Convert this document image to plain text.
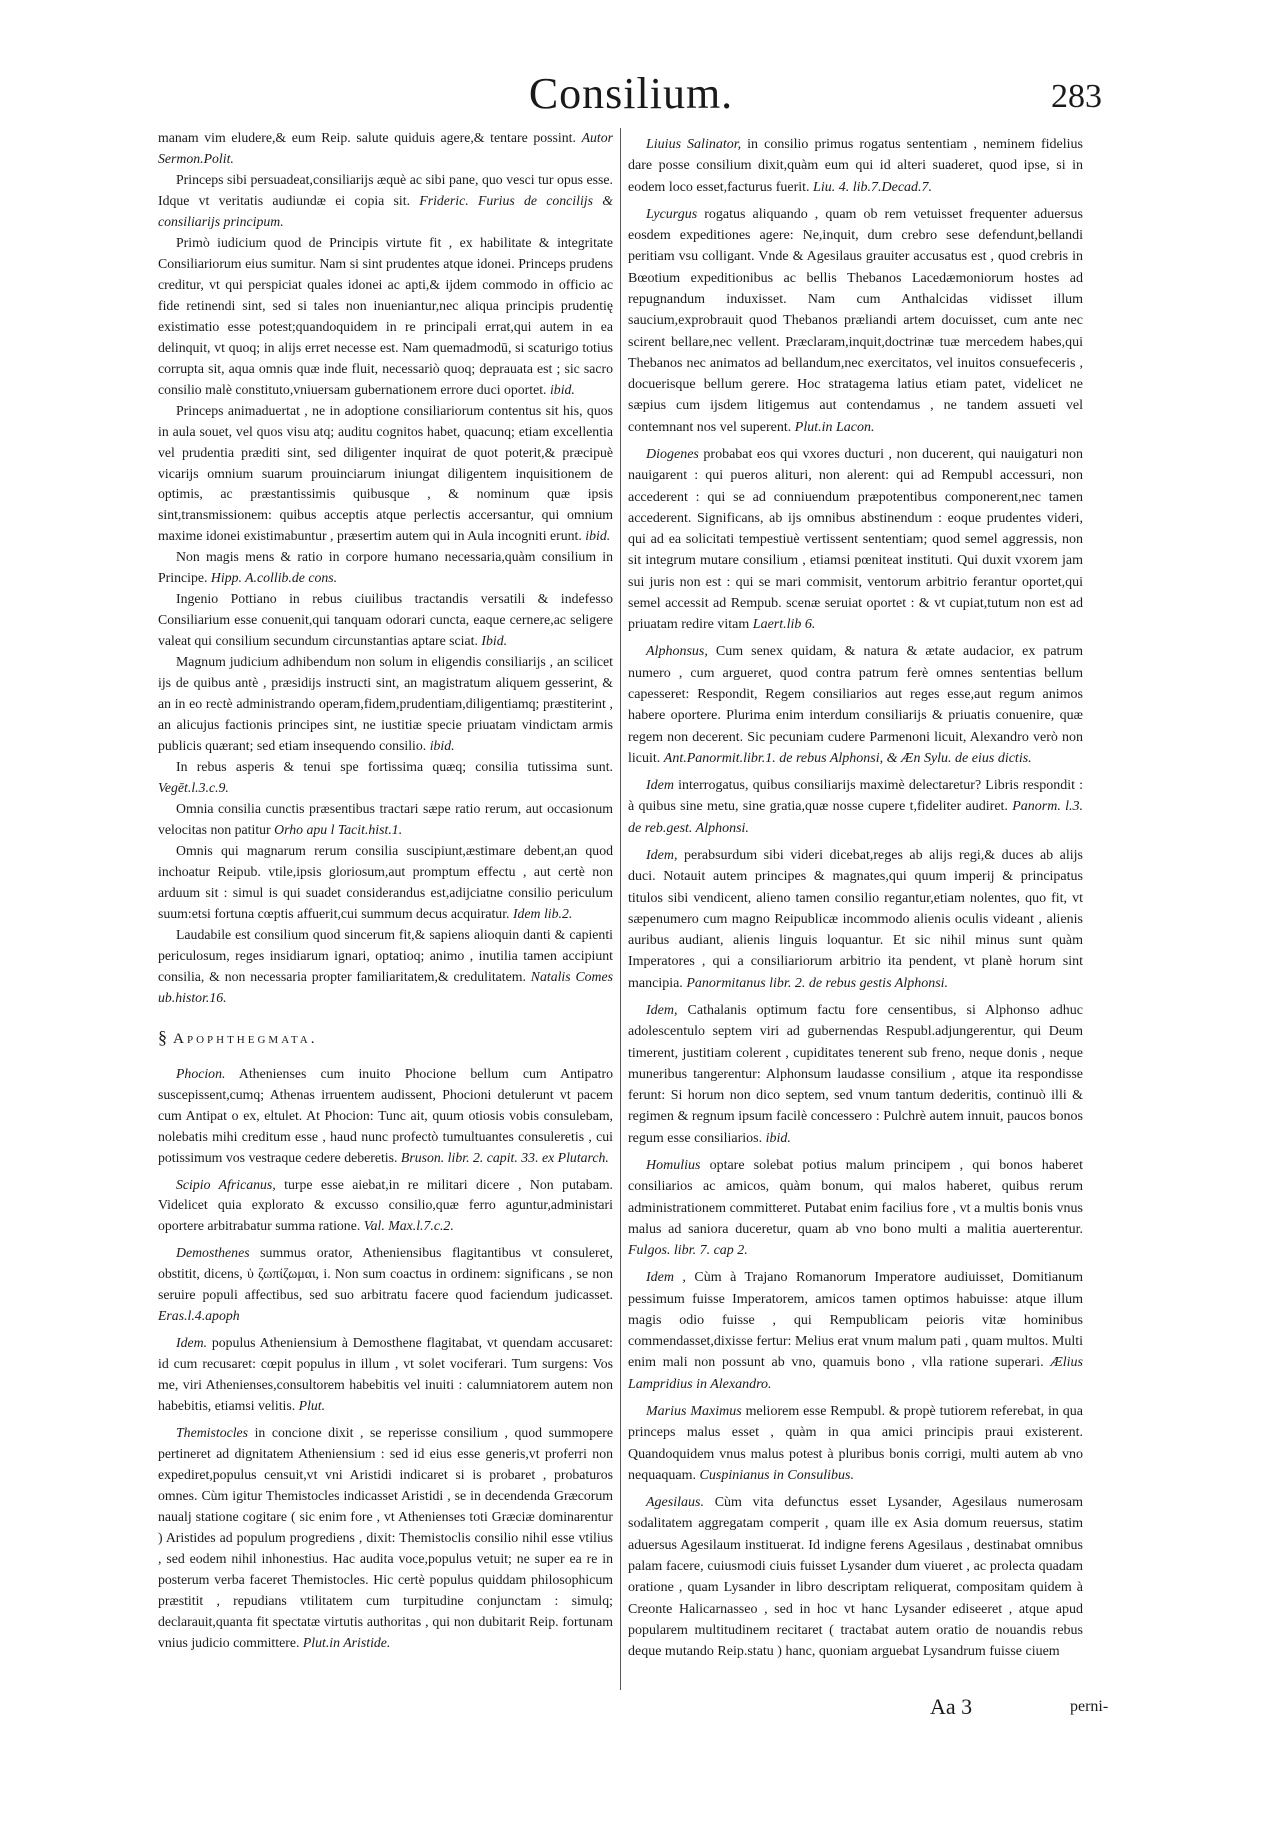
Consilium.	283

manam vim eludere,& eum Reip. salute quiduis agere,& tentare possint. Autor Sermon.Polit.

Princeps sibi persuadeat,consiliarijs æquè ac sibi pane, quo vesci tur opus esse. Idque vt veritatis audiundæ ei copia sit. Frideric. Furius de concilijs & consiliarijs principum.

Primò iudicium quod de Principis virtute fit , ex habilitate & integritate Consiliariorum eius sumitur. Nam si sint prudentes atque idonei. Princeps prudens creditur, vt qui perspiciat quales idonei ac apti,& ijdem commodo in officio ac fide retinendi sint, sed si tales non inueniantur,nec aliqua principis prudentię existimatio esse potest;quandoquidem in re principali errat,qui autem in ea delinquit, vt quoq; in alijs erret necesse est. Nam quemadmodū, si scaturigo totius corrupta sit, aqua omnis quæ inde fluit, necessariò quoq; deprauata est ; sic sacro consilio malè constituto,vniuersam gubernationem errore duci oportet. ibid.

Princeps animaduertat , ne in adoptione consiliariorum contentus sit his, quos in aula souet, vel quos visu atq; auditu cognitos habet, quacunq; etiam excellentia vel prudentia præditi sint, sed diligenter inquirat de quot poterit,& præcipuè vicarijs omnium suarum prouinciarum iniungat diligentem inquisitionem de optimis, ac præstantissimis quibusque , & nominum quæ ipsis sint,transmissionem: quibus acceptis atque perlectis accersantur, qui omnium maxime idonei existimabuntur , præsertim autem qui in Aula incogniti erunt. ibid.

Non magis mens & ratio in corpore humano necessaria,quàm consilium in Principe. Hipp. A.collib.de cons.

Ingenio Pottiano in rebus ciuilibus tractandis versatili & indefesso Consiliarium esse conuenit,qui tanquam odorari cuncta, eaque cernere,ac seligere valeat qui consilium secundum circunstantias aptare sciat. Ibid.

Magnum judicium adhibendum non solum in eligendis consiliarijs , an scilicet ijs de quibus antè , præsidijs instructi sint, an magistratum aliquem gesserint, & an in eo rectè administrando operam,fidem,prudentiam,diligentiamq; præstiterint , an alicujus factionis principes sint, ne iustitiæ specie priuatam vindictam armis publicis quærant; sed etiam insequendo consilio. ibid.

In rebus asperis & tenui spe fortissima quæq; consilia tutissima sunt. Vegēt.l.3.c.9.

Omnia consilia cunctis præsentibus tractari sæpe ratio rerum, aut occasionum velocitas non patitur Orho apu l Tacit.hist.1.

Omnis qui magnarum rerum consilia suscipiunt,æstimare debent,an quod inchoatur Reipub. vtile,ipsis gloriosum,aut promptum effectu , aut certè non arduum sit : simul is qui suadet considerandus est,adijciatne consilio periculum suum:etsi fortuna cœptis affuerit,cui summum decus acquiratur. Idem lib.2.

Laudabile est consilium quod sincerum fit,& sapiens alioquin danti & capienti periculosum, reges insidiarum ignari, optatioq; animo , inutilia tamen accipiunt consilia, & non necessaria propter familiaritatem,& credulitatem. Natalis Comes ub.histor.16.

§ Apophthegmata.

Phocion. Athenienses cum inuito Phocione bellum cum Antipatro suscepissent,cumq; Athenas irruentem audissent, Phocioni detulerunt vt pacem cum Antipat o ex, eltulet. At Phocion: Tunc ait, quum otiosis vobis consulebam, nolebatis mihi creditum esse , haud nunc profectò tumultuantes consuleretis , cui potissimum vos vestraque cedere deberetis. Bruson. libr. 2. capit. 33. ex Plutarch.

Scipio Africanus, turpe esse aiebat,in re militari dicere , Non putabam. Videlicet quia explorato & excusso consilio,quæ ferro aguntur,administari oportere arbitrabatur summa ratione. Val. Max.l.7.c.2.

Demosthenes summus orator, Atheniensibus flagitantibus vt consuleret, obstitit, dicens, ὑ ζωπίζωμαι, i. Non sum coactus in ordinem: significans , se non seruire populi affectibus, sed suo arbitratu facere quod faciendum judicasset. Eras.l.4.apoph

Idem. populus Atheniensium à Demosthene flagitabat, vt quendam accusaret: id cum recusaret: cœpit populus in illum , vt solet vociferari. Tum surgens: Vos me, viri Athenienses,consultorem habebitis vel inuiti : calumniatorem autem non habebitis, etiamsi velitis. Plut.

Themistocles in concione dixit , se reperisse consilium , quod summopere pertineret ad dignitatem Atheniensium : sed id eius esse generis,vt proferri non expediret,populus censuit,vt vni Aristidi indicaret si is probaret , probaturos omnes. Cùm igitur Themistocles indicasset Aristidi , se in decendenda Græcorum naualj statione cogitare ( sic enim fore , vt Athenienses toti Græciæ dominarentur ) Aristides ad populum progrediens , dixit: Themistoclis consilio nihil esse vtilius , sed eodem nihil inhonestius. Hac audita voce,populus vetuit; ne super ea re in posterum verba faceret Themistocles. Hic certè populus quiddam philosophicum præstitit , repudians vtilitatem cum turpitudine conjunctam : simulq; declarauit,quanta fit spectatæ virtutis authoritas , qui non dubitarit Reip. fortunam vnius judicio committere. Plut.in Aristide.

Liuius Salinator, in consilio primus rogatus sententiam , neminem fidelius dare posse consilium dixit,quàm eum qui id alteri suaderet, quod ipse, si in eodem loco esset,facturus fuerit. Liu. 4. lib.7.Decad.7.

Lycurgus rogatus aliquando , quam ob rem vetuisset frequenter aduersus eosdem expeditiones agere: Ne,inquit, dum crebro sese defendunt,bellandi peritiam vsu colligant. Vnde & Agesilaus grauiter accusatus est , quod crebris in Bœotium expeditionibus ac bellis Thebanos Lacedæmoniorum hostes ad repugnandum induxisset. Nam cum Anthalcidas vidisset illum saucium,exprobrauit quod Thebanos præliandi artem docuisset, cum ante nec scirent bellare,nec vellent. Præclaram,inquit,doctrinæ tuæ mercedem habes,qui Thebanos nec animatos ad bellandum,nec exercitatos, vel inuitos consuefeceris , docuerisque bellum gerere. Hoc stratagema latius etiam patet, videlicet ne sæpius cum ijsdem litigemus aut contendamus , ne tandem assueti vel contemnant nos vel superent. Plut.in Lacon.

Diogenes probabat eos qui vxores ducturi , non ducerent, qui nauigaturi non nauigarent : qui pueros alituri, non alerent: qui ad Rempubl accessuri, non accederent : qui se ad conniuendum præpotentibus componerent,nec tamen accederent. Significans, ab ijs omnibus abstinendum : eoque prudentes videri, qui ad ea solicitati tempestiuè vertissent sententiam; quod semel aggressis, non sit integrum mutare consilium , etiamsi pœniteat instituti. Qui duxit vxorem jam sui juris non est : qui se mari commisit, ventorum arbitrio ferantur oportet,qui semel accessit ad Rempub. scenæ seruiat oportet : & vt cupiat,tutum non est ad priuatam redire vitam Laert.lib 6.

Alphonsus, Cum senex quidam, & natura & ætate audacior, ex patrum numero , cum argueret, quod contra patrum ferè omnes sententias bellum capesseret: Respondit, Regem consiliarios aut reges esse,aut regum animos habere oportere. Plurima enim interdum consiliarijs & priuatis conuenire, quæ regem non decerent. Sic pecuniam cudere Parmenoni licuit, Alexandro verò non licuit. Ant.Panormit.libr.1. de rebus Alphonsi, & Æn Sylu. de eius dictis.

Idem interrogatus, quibus consiliarijs maximè delectaretur? Libris respondit : à quibus sine metu, sine gratia,quæ nosse cupere t,fideliter audiret. Panorm. l.3. de reb.gest. Alphonsi.

Idem, perabsurdum sibi videri dicebat,reges ab alijs regi,& duces ab alijs duci. Notauit autem principes & magnates,qui quum imperij & principatus titulos sibi vendicent, alieno tamen consilio regantur,etiam nolentes, quo fit, vt sæpenumero cum magno Reipublicæ incommodo alienis oculis videant , alienis auribus audiant, alienis linguis loquantur. Et sic nihil minus sunt quàm Imperatores , qui a consiliariorum arbitrio ita pendent, vt planè horum sint mancipia. Panormitanus libr. 2. de rebus gestis Alphonsi.

Idem, Cathalanis optimum factu fore censentibus, si Alphonso adhuc adolescentulo septem viri ad gubernendas Respubl.adjungerentur, qui Deum timerent, justitiam colerent , cupiditates tenerent sub freno, neque donis , neque muneribus tangerentur: Alphonsum laudasse consilium , atque ita respondisse ferunt: Si horum non dico septem, sed vnum tantum dederitis, continuò illi & regimen & regnum ipsum facilè concessero : Pulchrè autem innuit, paucos bonos regum esse consiliarios. ibid.

Homulius optare solebat potius malum principem , qui bonos haberet consiliarios ac amicos, quàm bonum, qui malos haberet, quibus rerum administrationem committeret. Putabat enim facilius fore , vt a multis bonis vnus malus ad saniora duceretur, quam ab vno bono multi a malitia auerterentur. Fulgos. libr. 7. cap 2.

Idem , Cùm à Trajano Romanorum Imperatore audiuisset, Domitianum pessimum fuisse Imperatorem, amicos tamen optimos habuisse: atque illum magis odio fuisse , qui Rempublicam peioris vitæ hominibus commendasset,dixisse fertur: Melius erat vnum malum pati , quam multos. Multi enim mali non possunt ab vno, quamuis bono , vlla ratione superari. Ælius Lampridius in Alexandro.

Marius Maximus meliorem esse Rempubl. & propè tutiorem referebat, in qua princeps malus esset , quàm in qua amici principis praui existerent. Quandoquidem vnus malus potest à pluribus bonis corrigi, multi autem ab vno nequaquam. Cuspinianus in Consulibus.

Agesilaus. Cùm vita defunctus esset Lysander, Agesilaus numerosam sodalitatem aggregatam comperit , quam ille ex Asia domum reuersus, statim aduersus Agesilaum instituerat. Id indigne ferens Agesilaus , destinabat omnibus palam facere, cuiusmodi ciuis fuisset Lysander dum viueret , ac prolecta quadam oratione , quam Lysander in libro descriptam reliquerat, compositam quidem à Creonte Halicarnasseo , sed in hoc vt hanc Lysander ediseeret , atque apud popularem multitudinem recitaret ( tractabat autem oratio de nouandis rebus deque mutando Reip.statu ) hanc, quoniam arguebat Lysandrum fuisse ciuem

Aa 3	perni-
